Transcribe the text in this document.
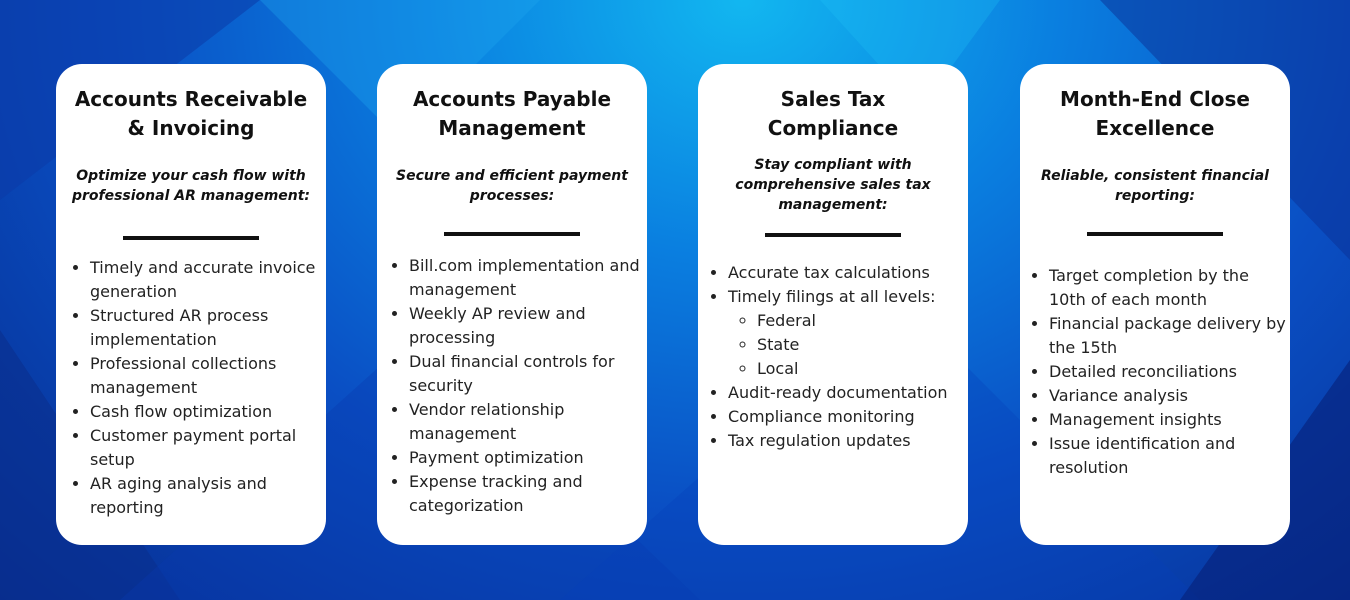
Accounts Receivable & Invoicing
Optimize your cash flow with professional AR management:
• Timely and accurate invoice generation
• Structured AR process implementation
• Professional collections management
• Cash flow optimization
• Customer payment portal setup
• AR aging analysis and reporting
Accounts Payable Management
Secure and efficient payment processes:
• Bill.com implementation and management
• Weekly AP review and processing
• Dual financial controls for security
• Vendor relationship management
• Payment optimization
• Expense tracking and categorization
Sales Tax Compliance
Stay compliant with comprehensive sales tax management:
• Accurate tax calculations
• Timely filings at all levels:
◦ Federal
◦ State
◦ Local
• Audit-ready documentation
• Compliance monitoring
• Tax regulation updates
Month-End Close Excellence
Reliable, consistent financial reporting:
• Target completion by the 10th of each month
• Financial package delivery by the 15th
• Detailed reconciliations
• Variance analysis
• Management insights
• Issue identification and resolution
